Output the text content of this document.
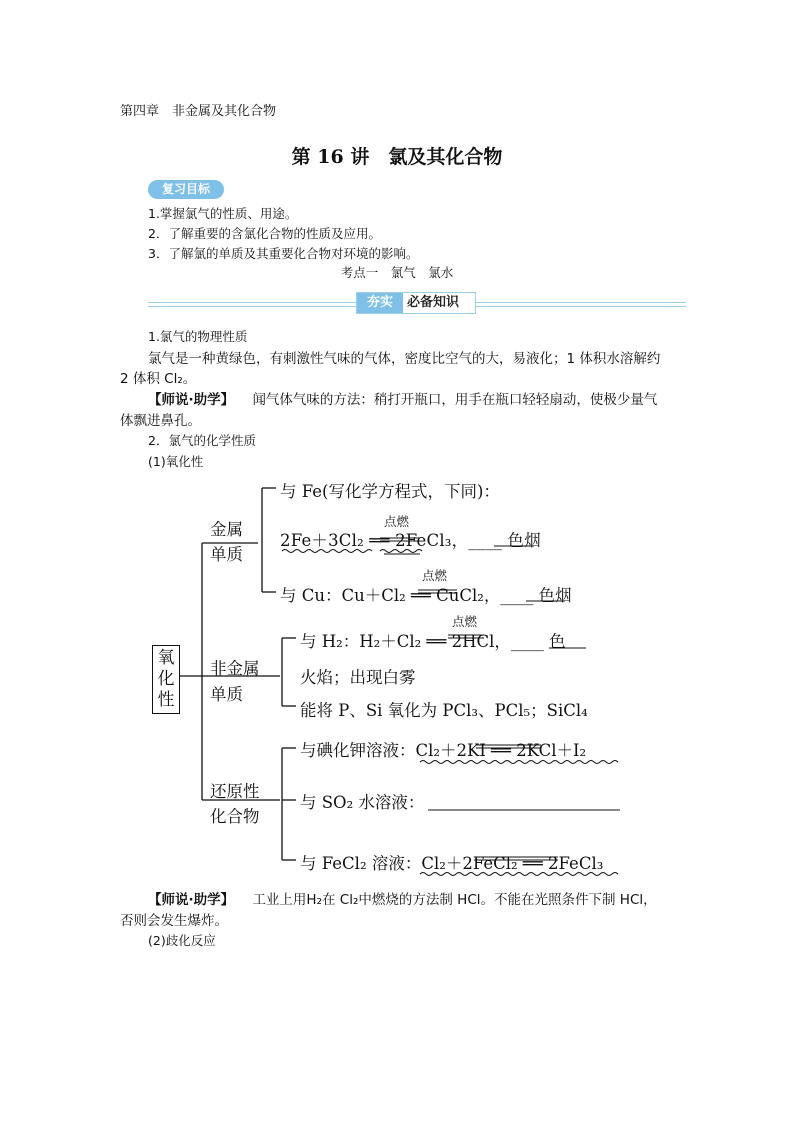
第四章　非金属及其化合物
第 16 讲　氯及其化合物
复习目标
1.掌握氯气的性质、用途。
2．了解重要的含氯化合物的性质及应用。
3．了解氯的单质及其重要化合物对环境的影响。
考点一　氯气　氯水
夯实	必备知识
1.氯气的物理性质
氯气是一种黄绿色，有刺激性气味的气体，密度比空气的大，易液化；1 体积水溶解约
2 体积 Cl₂。
【师说·助学】 闻气体气味的方法：稍打开瓶口，用手在瓶口轻轻扇动，使极少量气
体飘进鼻孔。
2．氯气的化学性质
(1)氧化性
氧
化
性
金属
单质
非金属
单质
还原性
化合物
与 Fe(写化学方程式，下同)：
点燃
2Fe＋3Cl₂ ══ 2FeCl₃，____ 色烟
点燃
与 Cu：Cu＋Cl₂ ══ CuCl₂，____ 色烟
点燃
与 H₂：H₂＋Cl₂ ══ 2HCl，____ 色
火焰；出现白雾
能将 P、Si 氧化为 PCl₃、PCl₅；SiCl₄
与碘化钾溶液：Cl₂＋2KI ══ 2KCl＋I₂
与 SO₂ 水溶液：
与 FeCl₂ 溶液：Cl₂＋2FeCl₂ ══ 2FeCl₃
【师说·助学】 工业上用H₂在 Cl₂中燃烧的方法制 HCl。不能在光照条件下制 HCl，
否则会发生爆炸。
(2)歧化反应
